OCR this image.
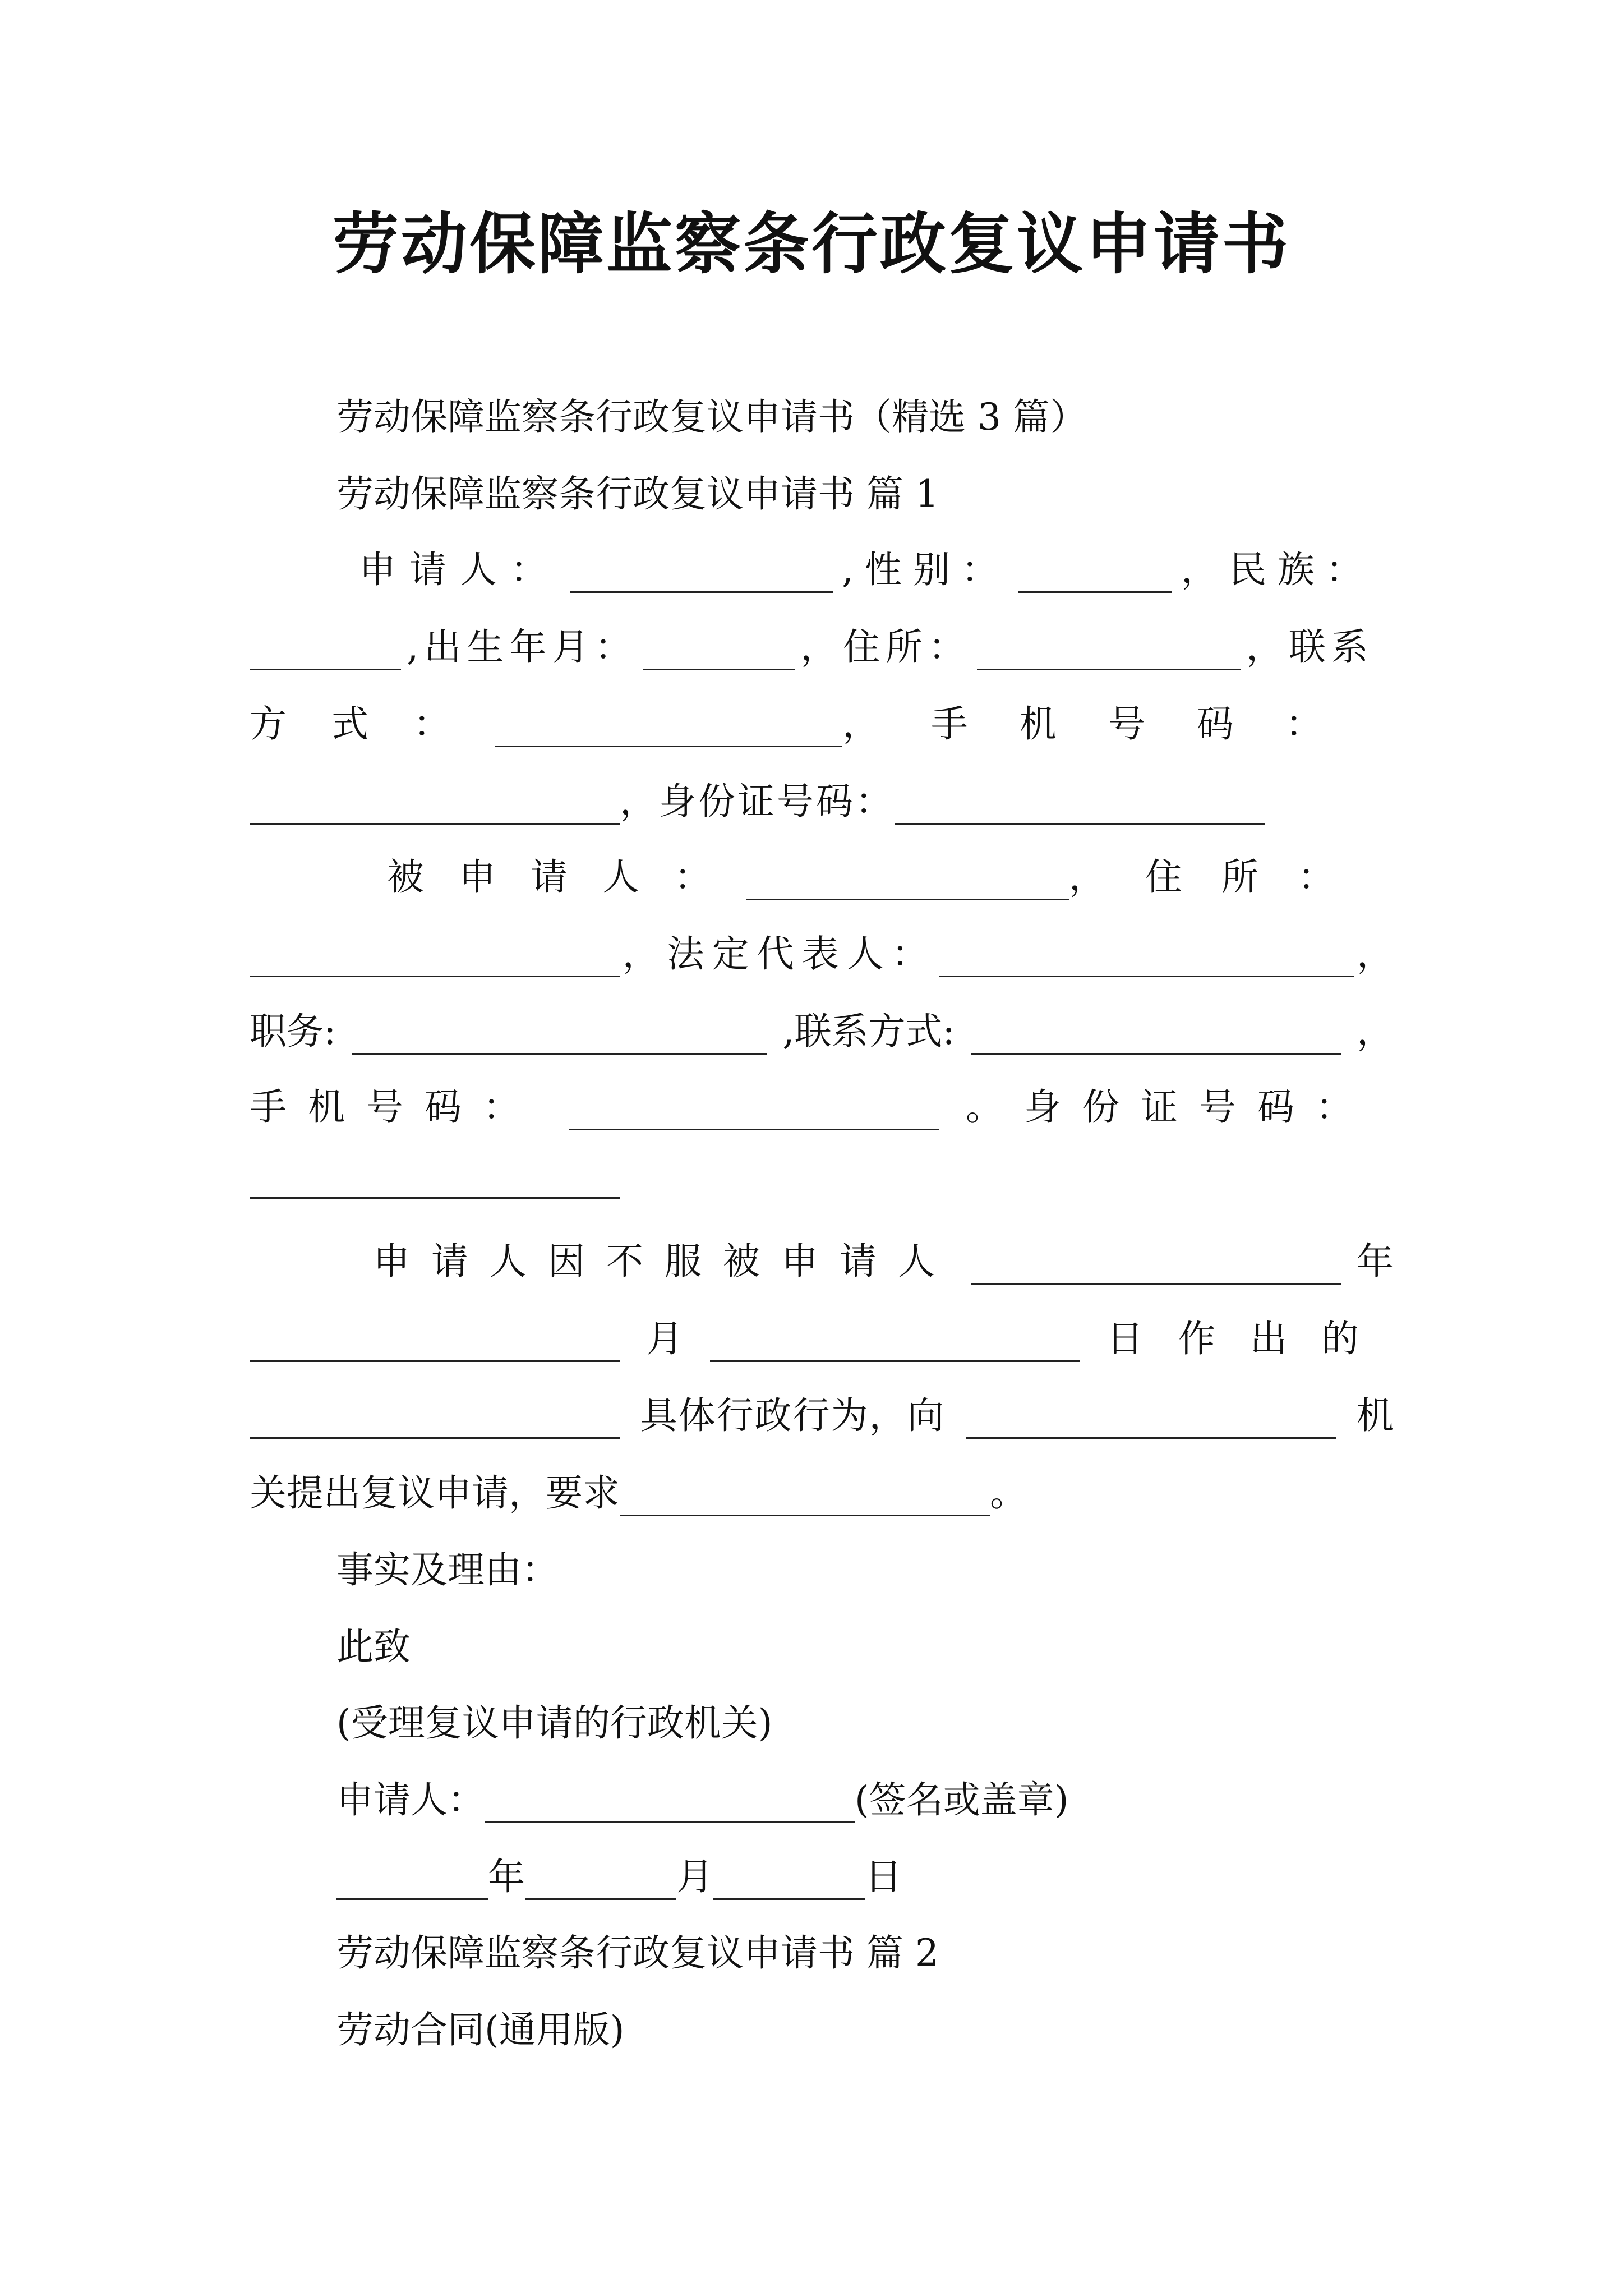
劳动保障监察条行政复议申请书
劳动保障监察条行政复议申请书（精选 3 篇）
劳动保障监察条行政复议申请书 篇 1
申请人：	,性别：	，民族：
,出生年月：	，住所：	，联系
方式：	，手机号码：
，身份证号码：
被申请人：	，住所：
，法定代表人：	，
职务:	,联系方式:	，
手机号码：	。身份证号码：
申请人因不服被申请人	年
月	日作出的
具体行政行为，向	机
关提出复议申请，要求	。
事实及理由：
此致
(受理复议申请的行政机关)
申请人：	(签名或盖章)
年	月	日
劳动保障监察条行政复议申请书 篇 2
劳动合同(通用版)
